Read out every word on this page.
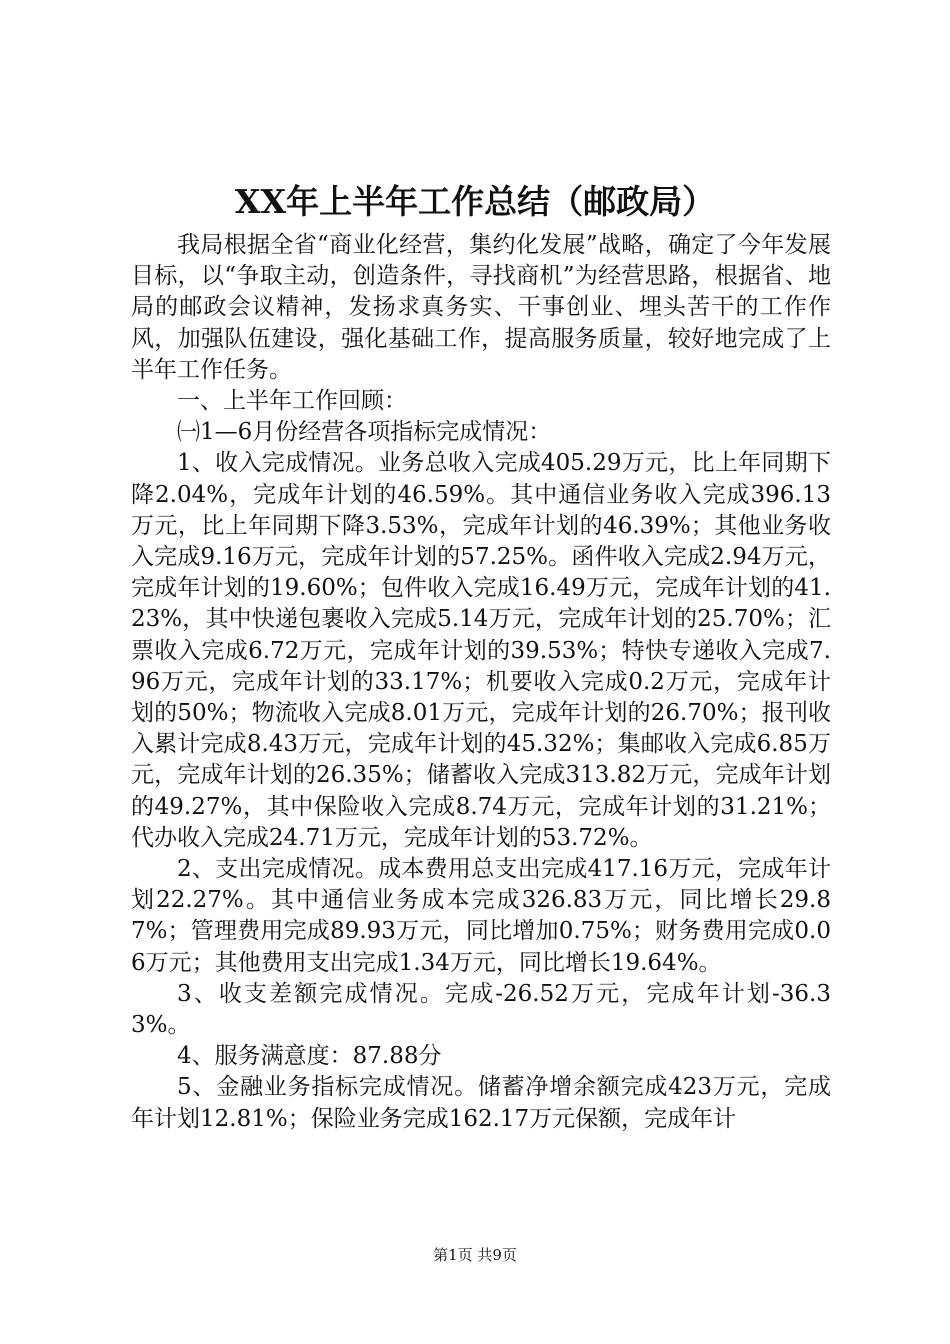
XX年上半年工作总结（邮政局）

我局根据全省“商业化经营，集约化发展”战略，确定了今年发展目标，以“争取主动，创造条件，寻找商机”为经营思路，根据省、地局的邮政会议精神，发扬求真务实、干事创业、埋头苦干的工作作风，加强队伍建设，强化基础工作，提高服务质量，较好地完成了上半年工作任务。

一、上半年工作回顾：

㈠1—6月份经营各项指标完成情况：

1、收入完成情况。业务总收入完成405.29万元，比上年同期下降2.04%，完成年计划的46.59%。其中通信业务收入完成396.13万元，比上年同期下降3.53%，完成年计划的46.39%；其他业务收入完成9.16万元，完成年计划的57.25%。函件收入完成2.94万元，完成年计划的19.60%；包件收入完成16.49万元，完成年计划的41.23%，其中快递包裹收入完成5.14万元，完成年计划的25.70%；汇票收入完成6.72万元，完成年计划的39.53%；特快专递收入完成7.96万元，完成年计划的33.17%；机要收入完成0.2万元，完成年计划的50%；物流收入完成8.01万元，完成年计划的26.70%；报刊收入累计完成8.43万元，完成年计划的45.32%；集邮收入完成6.85万元，完成年计划的26.35%；储蓄收入完成313.82万元，完成年计划的49.27%，其中保险收入完成8.74万元，完成年计划的31.21%；代办收入完成24.71万元，完成年计划的53.72%。

2、支出完成情况。成本费用总支出完成417.16万元，完成年计划22.27%。其中通信业务成本完成326.83万元，同比增长29.87%；管理费用完成89.93万元，同比增加0.75%；财务费用完成0.06万元；其他费用支出完成1.34万元，同比增长19.64%。

3、收支差额完成情况。完成-26.52万元，完成年计划-36.33%。

4、服务满意度：87.88分

5、金融业务指标完成情况。储蓄净增余额完成423万元，完成年计划12.81%；保险业务完成162.17万元保额，完成年计

第1页 共9页
